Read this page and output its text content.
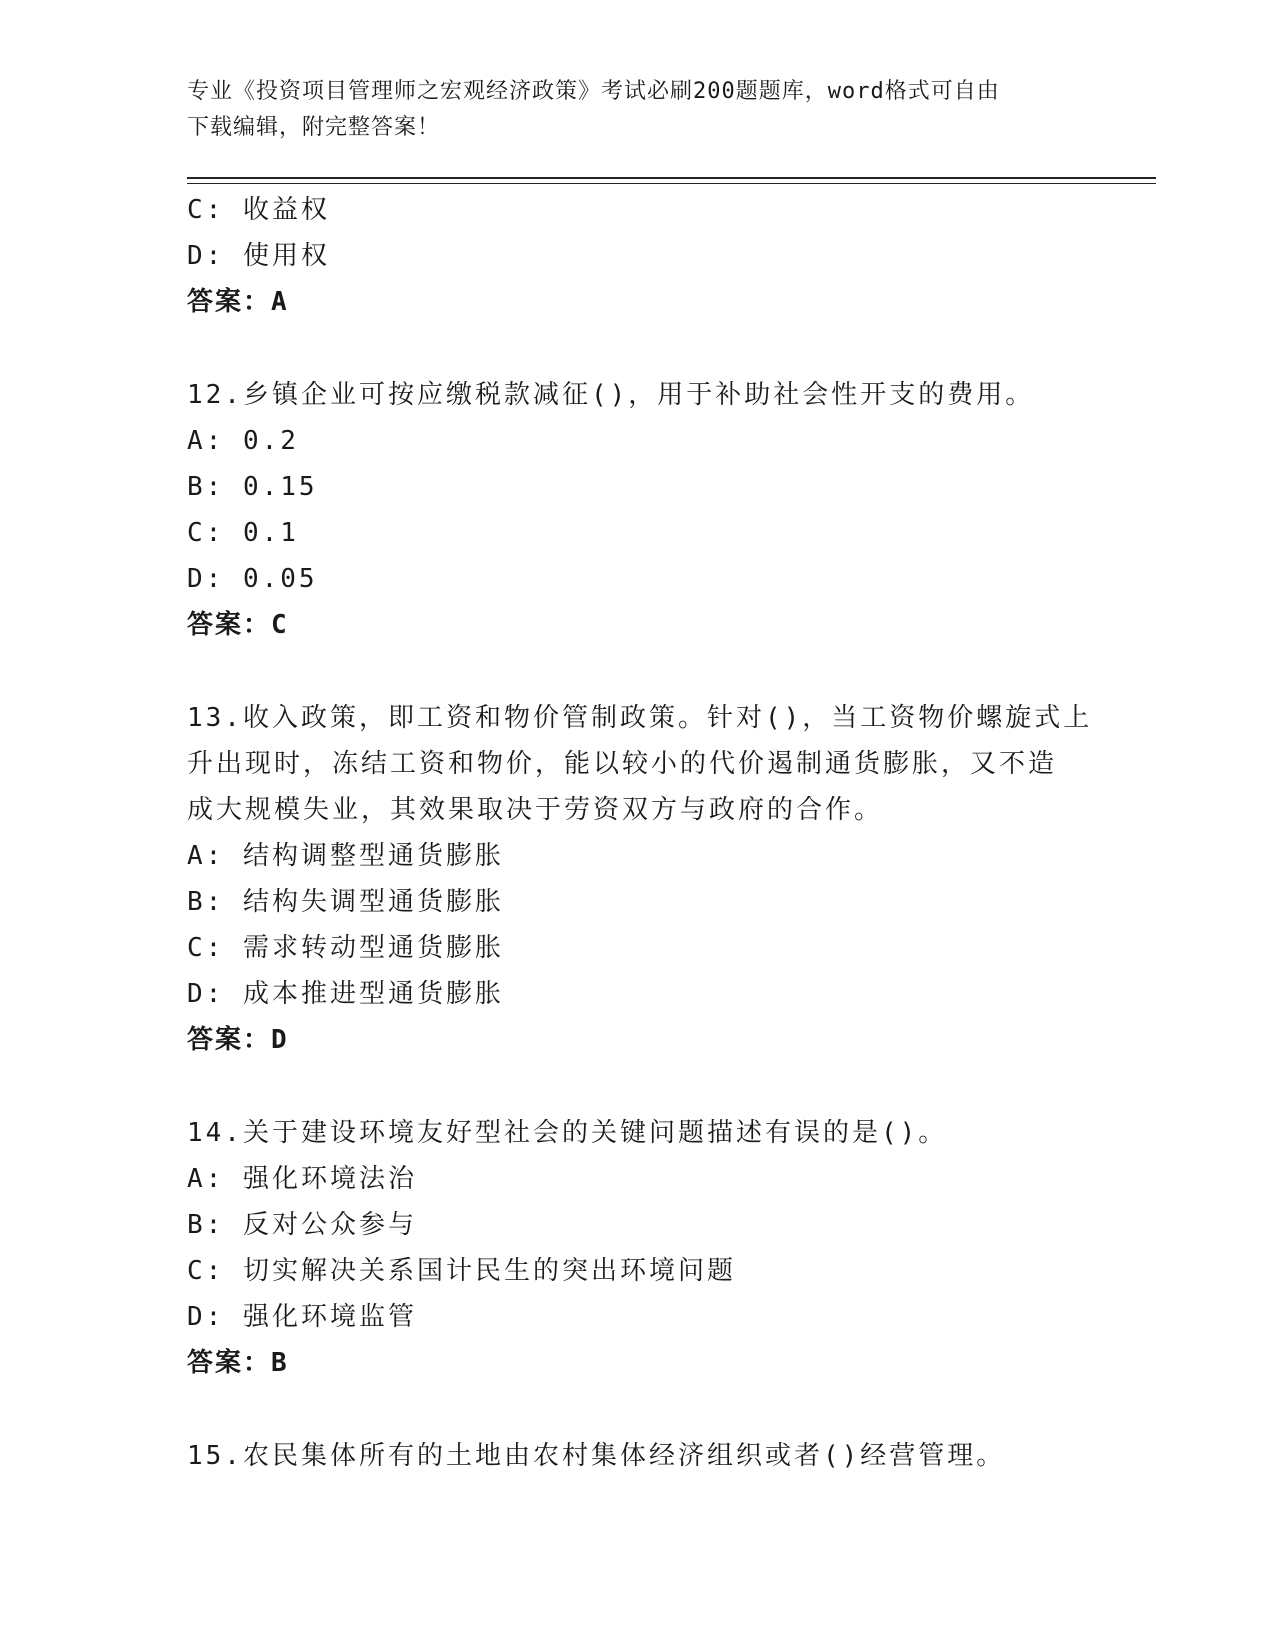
专业《投资项目管理师之宏观经济政策》考试必刷200题题库，word格式可自由
下载编辑，附完整答案！
C: 收益权
D: 使用权
答案：A
12.乡镇企业可按应缴税款减征()，用于补助社会性开支的费用。
A: 0.2
B: 0.15
C: 0.1
D: 0.05
答案：C
13.收入政策，即工资和物价管制政策。针对()，当工资物价螺旋式上
升出现时，冻结工资和物价，能以较小的代价遏制通货膨胀，又不造
成大规模失业，其效果取决于劳资双方与政府的合作。
A: 结构调整型通货膨胀
B: 结构失调型通货膨胀
C: 需求转动型通货膨胀
D: 成本推进型通货膨胀
答案：D
14.关于建设环境友好型社会的关键问题描述有误的是()。
A: 强化环境法治
B: 反对公众参与
C: 切实解决关系国计民生的突出环境问题
D: 强化环境监管
答案：B
15.农民集体所有的土地由农村集体经济组织或者()经营管理。
